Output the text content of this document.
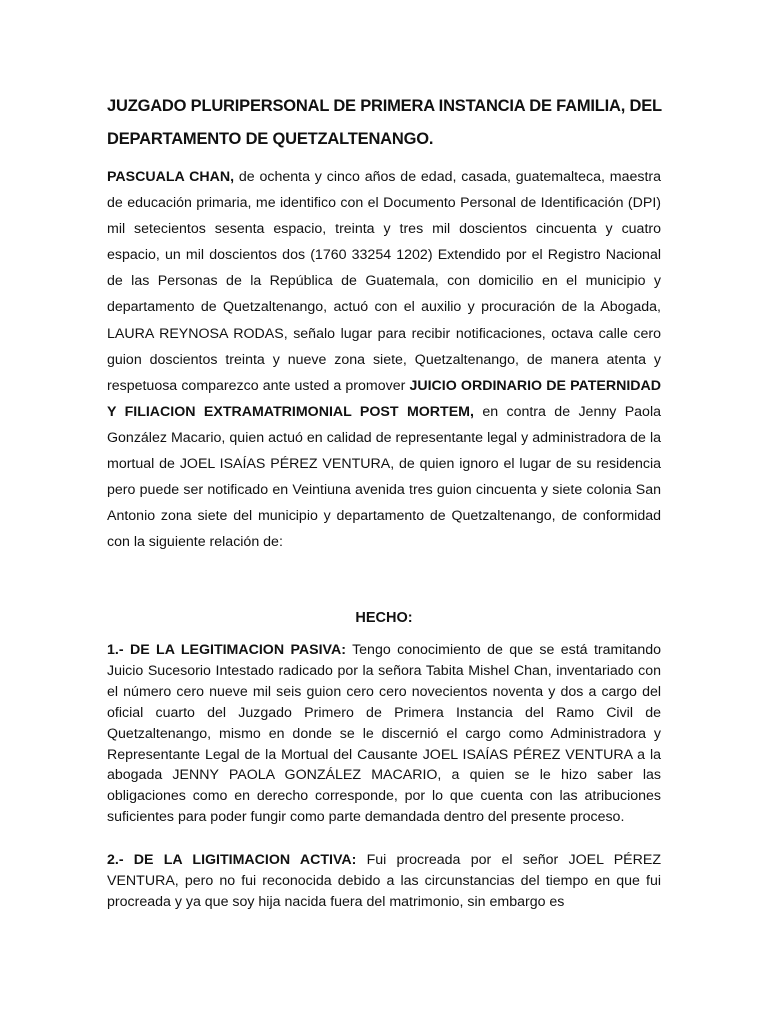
JUZGADO PLURIPERSONAL DE PRIMERA INSTANCIA DE FAMILIA, DEL
DEPARTAMENTO DE QUETZALTENANGO.

PASCUALA CHAN, de ochenta y cinco años de edad, casada, guatemalteca, maestra de educación primaria, me identifico con el Documento Personal de Identificación (DPI) mil setecientos sesenta espacio, treinta y tres mil doscientos cincuenta y cuatro espacio, un mil doscientos dos (1760 33254 1202) Extendido por el Registro Nacional de las Personas de la República de Guatemala, con domicilio en el municipio y departamento de Quetzaltenango, actuó con el auxilio y procuración de la Abogada, LAURA REYNOSA RODAS, señalo lugar para recibir notificaciones, octava calle cero guion doscientos treinta y nueve zona siete, Quetzaltenango, de manera atenta y respetuosa comparezco ante usted a promover JUICIO ORDINARIO DE PATERNIDAD Y FILIACION EXTRAMATRIMONIAL POST MORTEM, en contra de Jenny Paola González Macario, quien actuó en calidad de representante legal y administradora de la mortual de JOEL ISAÍAS PÉREZ VENTURA, de quien ignoro el lugar de su residencia pero puede ser notificado en Veintiuna avenida tres guion cincuenta y siete colonia San Antonio zona siete del municipio y departamento de Quetzaltenango, de conformidad con la siguiente relación de:

HECHO:

1.- DE LA LEGITIMACION PASIVA: Tengo conocimiento de que se está tramitando Juicio Sucesorio Intestado radicado por la señora Tabita Mishel Chan, inventariado con el número cero nueve mil seis guion cero cero novecientos noventa y dos a cargo del oficial cuarto del Juzgado Primero de Primera Instancia del Ramo Civil de Quetzaltenango, mismo en donde se le discernió el cargo como Administradora y Representante Legal de la Mortual del Causante JOEL ISAÍAS PÉREZ VENTURA a la abogada JENNY PAOLA GONZÁLEZ MACARIO, a quien se le hizo saber las obligaciones como en derecho corresponde, por lo que cuenta con las atribuciones suficientes para poder fungir como parte demandada dentro del presente proceso.

2.- DE LA LIGITIMACION ACTIVA: Fui procreada por el señor JOEL PÉREZ VENTURA, pero no fui reconocida debido a las circunstancias del tiempo en que fui procreada y ya que soy hija nacida fuera del matrimonio, sin embargo es
